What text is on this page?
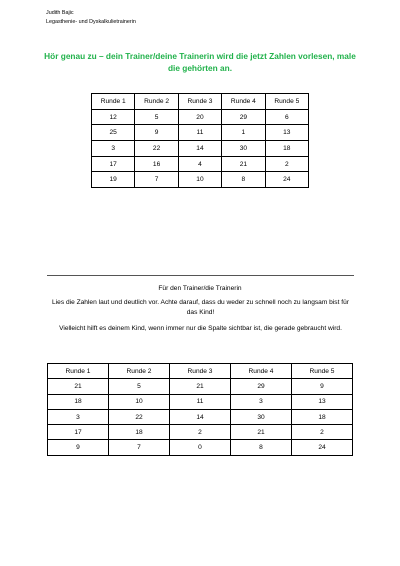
Judith Bajic
Legasthenie- und Dyskalkulietrainerin
Hör genau zu – dein Trainer/deine Trainerin wird die jetzt Zahlen vorlesen, male die gehörten an.
Runde 1	Runde 2	Runde 3	Runde 4	Runde 5
12	5	20	29	6
25	9	11	1	13
3	22	14	30	18
17	16	4	21	2
19	7	10	8	24
Für den Trainer/die Trainerin
Lies die Zahlen laut und deutlich vor. Achte darauf, dass du weder zu schnell noch zu langsam bist für das Kind!
Vielleicht hilft es deinem Kind, wenn immer nur die Spalte sichtbar ist, die gerade gebraucht wird.
Runde 1	Runde 2	Runde 3	Runde 4	Runde 5
21	5	21	29	9
18	10	11	3	13
3	22	14	30	18
17	18	2	21	2
9	7	0	8	24
